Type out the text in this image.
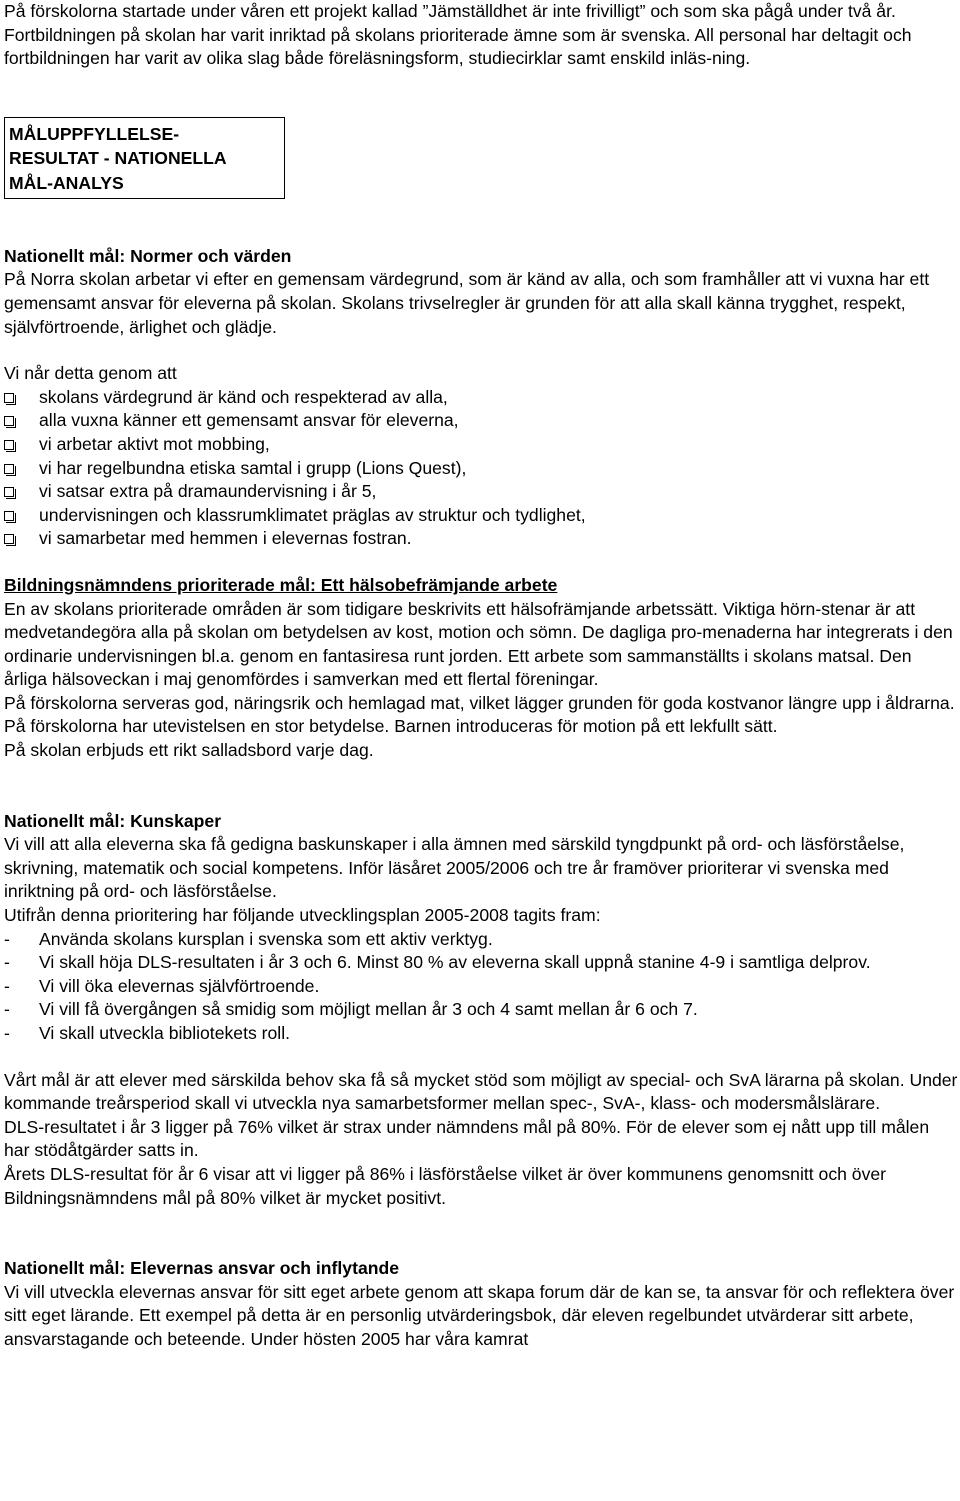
På förskolorna startade under våren ett projekt kallad ”Jämställdhet är inte frivilligt” och som ska pågå under två år.

Fortbildningen på skolan har varit inriktad på skolans prioriterade ämne som är svenska. All personal har deltagit och fortbildningen har varit av olika slag både föreläsningsform, studiecirklar samt enskild inläs-ning.

MÅLUPPFYLLELSE-
RESULTAT - NATIONELLA
MÅL-ANALYS
Nationellt mål: Normer och värden

På Norra skolan arbetar vi efter en gemensam värdegrund, som är känd av alla, och som framhåller att vi vuxna har ett gemensamt ansvar för eleverna på skolan. Skolans trivselregler är grunden för att alla skall känna trygghet, respekt, självförtroende, ärlighet och glädje.

Vi når detta genom att

skolans värdegrund är känd och respekterad av alla,
alla vuxna känner ett gemensamt ansvar för eleverna,
vi arbetar aktivt mot mobbing,
vi har regelbundna etiska samtal i grupp (Lions Quest),
vi satsar extra på dramaundervisning i år 5,
undervisningen och klassrumklimatet präglas av struktur och tydlighet,
vi samarbetar med hemmen i elevernas fostran.
Bildningsnämndens prioriterade mål: Ett hälsobefrämjande arbete

En av skolans prioriterade områden är som tidigare beskrivits ett hälsofrämjande arbetssätt. Viktiga hörn-stenar är att medvetandegöra alla på skolan om betydelsen av kost, motion och sömn. De dagliga pro-menaderna har integrerats i den ordinarie undervisningen bl.a. genom en fantasiresa runt jorden. Ett arbete som sammanställts i skolans matsal. Den årliga hälsoveckan i maj genomfördes i samverkan med ett flertal föreningar.

På förskolorna serveras god, näringsrik och hemlagad mat, vilket lägger grunden för goda kostvanor längre upp i åldrarna. På förskolorna har utevistelsen en stor betydelse. Barnen introduceras för motion på ett lekfullt sätt.

På skolan erbjuds ett rikt salladsbord varje dag.

Nationellt mål: Kunskaper

Vi vill att alla eleverna ska få gedigna baskunskaper i alla ämnen med särskild tyngdpunkt på ord- och läsförståelse, skrivning, matematik och social kompetens. Inför läsåret 2005/2006 och tre år framöver prioriterar vi svenska med inriktning på ord- och läsförståelse.

Utifrån denna prioritering har följande utvecklingsplan 2005-2008 tagits fram:

- Använda skolans kursplan i svenska som ett aktiv verktyg.
- Vi skall höja DLS-resultaten i år 3 och 6. Minst 80 % av eleverna skall uppnå stanine 4-9 i samtliga delprov.
- Vi vill öka elevernas självförtroende.
- Vi vill få övergången så smidig som möjligt mellan år 3 och 4 samt mellan år 6 och 7.
- Vi skall utveckla bibliotekets roll.

Vårt mål är att elever med särskilda behov ska få så mycket stöd som möjligt av special- och SvA lärarna på skolan. Under kommande treårsperiod skall vi utveckla nya samarbetsformer mellan spec-, SvA-, klass- och modersmålslärare.

DLS-resultatet i år 3 ligger på 76% vilket är strax under nämndens mål på 80%. För de elever som ej nått upp till målen har stödåtgärder satts in.

Årets DLS-resultat för år 6 visar att vi ligger på 86% i läsförståelse vilket är över kommunens genomsnitt och över Bildningsnämndens mål på 80% vilket är mycket positivt.

Nationellt mål: Elevernas ansvar och inflytande

Vi vill utveckla elevernas ansvar för sitt eget arbete genom att skapa forum där de kan se, ta ansvar för och reflektera över sitt eget lärande. Ett exempel på detta är en personlig utvärderingsbok, där eleven regelbundet utvärderar sitt arbete, ansvarstagande och beteende. Under hösten 2005 har våra kamrat
